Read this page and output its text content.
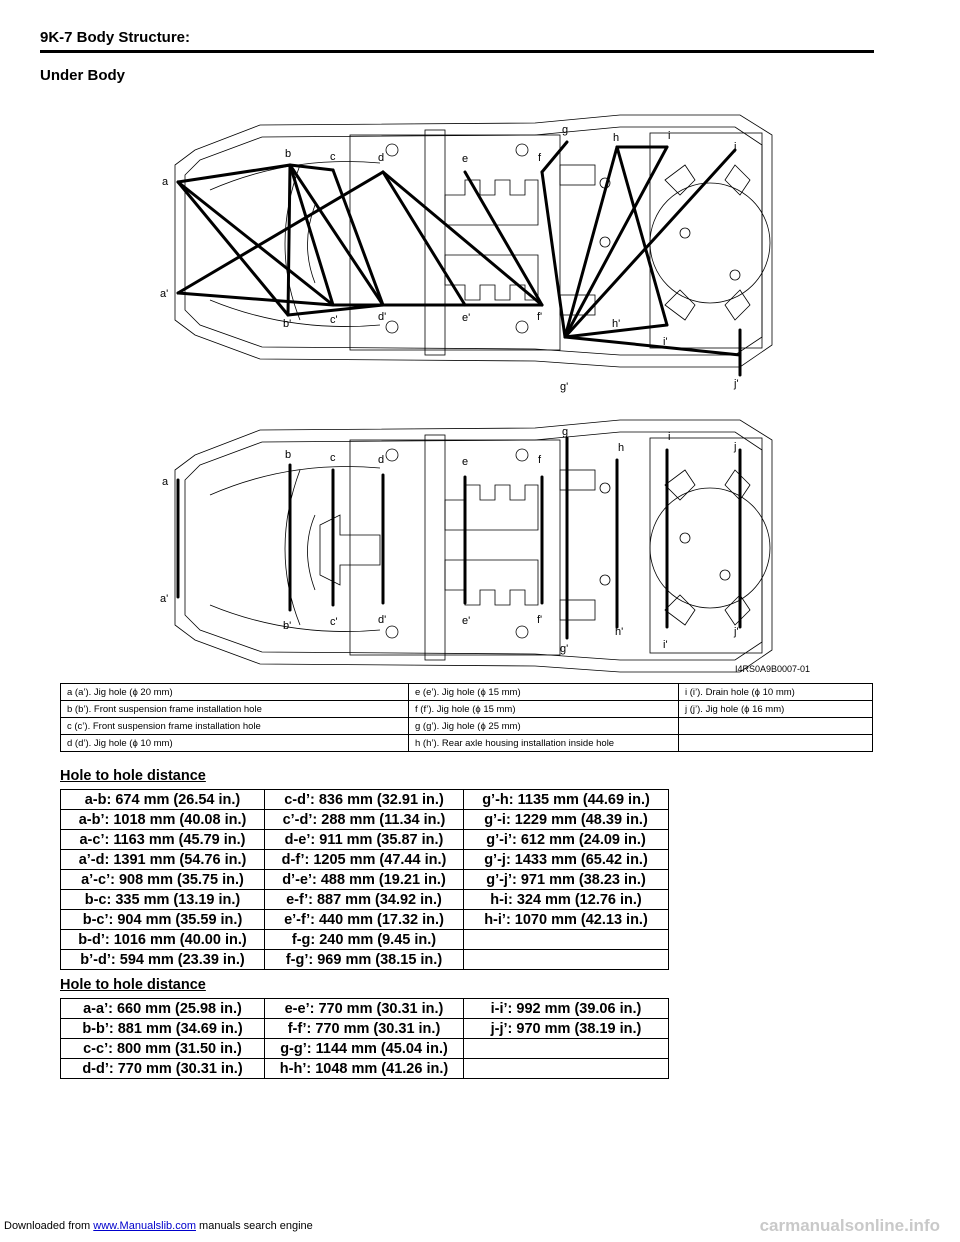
9K-7 Body Structure:
Under Body
a
a'
b
b'
c
c'
d
d'
e
e'
f
f'
g
g'
h
h'
i
i'
j
j'
a
a'
b
b'
c
c'
d
d'
e
e'
f
f'
g
g'
h
h'
i
i'
j
j'
I4RS0A9B0007-01
a (a’). Jig hole (ϕ 20 mm)	e (e’). Jig hole (ϕ 15 mm)	i (i’). Drain hole (ϕ 10 mm)
b (b’). Front suspension frame installation hole	f (f’). Jig hole (ϕ 15 mm)	j (j’). Jig hole (ϕ 16 mm)
c (c’). Front suspension frame installation hole	g (g’). Jig hole (ϕ 25 mm)	
d (d’). Jig hole (ϕ 10 mm)	h (h’). Rear axle housing installation inside hole	
Hole to hole distance
a-b: 674 mm (26.54 in.)	c-d’: 836 mm (32.91 in.)	g’-h: 1135 mm (44.69 in.)
a-b’: 1018 mm (40.08 in.)	c’-d’: 288 mm (11.34 in.)	g’-i: 1229 mm (48.39 in.)
a-c’: 1163 mm (45.79 in.)	d-e’: 911 mm (35.87 in.)	g’-i’: 612 mm (24.09 in.)
a’-d: 1391 mm (54.76 in.)	d-f’: 1205 mm (47.44 in.)	g’-j: 1433 mm (65.42 in.)
a’-c’: 908 mm (35.75 in.)	d’-e’: 488 mm (19.21 in.)	g’-j’: 971 mm (38.23 in.)
b-c: 335 mm (13.19 in.)	e-f’: 887 mm (34.92 in.)	h-i: 324 mm (12.76 in.)
b-c’: 904 mm (35.59 in.)	e’-f’: 440 mm (17.32 in.)	h-i’: 1070 mm (42.13 in.)
b-d’: 1016 mm (40.00 in.)	f-g: 240 mm (9.45 in.)	
b’-d’: 594 mm (23.39 in.)	f-g’: 969 mm (38.15 in.)	
Hole to hole distance
a-a’: 660 mm (25.98 in.)	e-e’: 770 mm (30.31 in.)	i-i’: 992 mm (39.06 in.)
b-b’: 881 mm (34.69 in.)	f-f’: 770 mm (30.31 in.)	j-j’: 970 mm (38.19 in.)
c-c’: 800 mm (31.50 in.)	g-g’: 1144 mm (45.04 in.)	
d-d’: 770 mm (30.31 in.)	h-h’: 1048 mm (41.26 in.)	
Downloaded from www.Manualslib.com manuals search engine	carmanualsonline.info
